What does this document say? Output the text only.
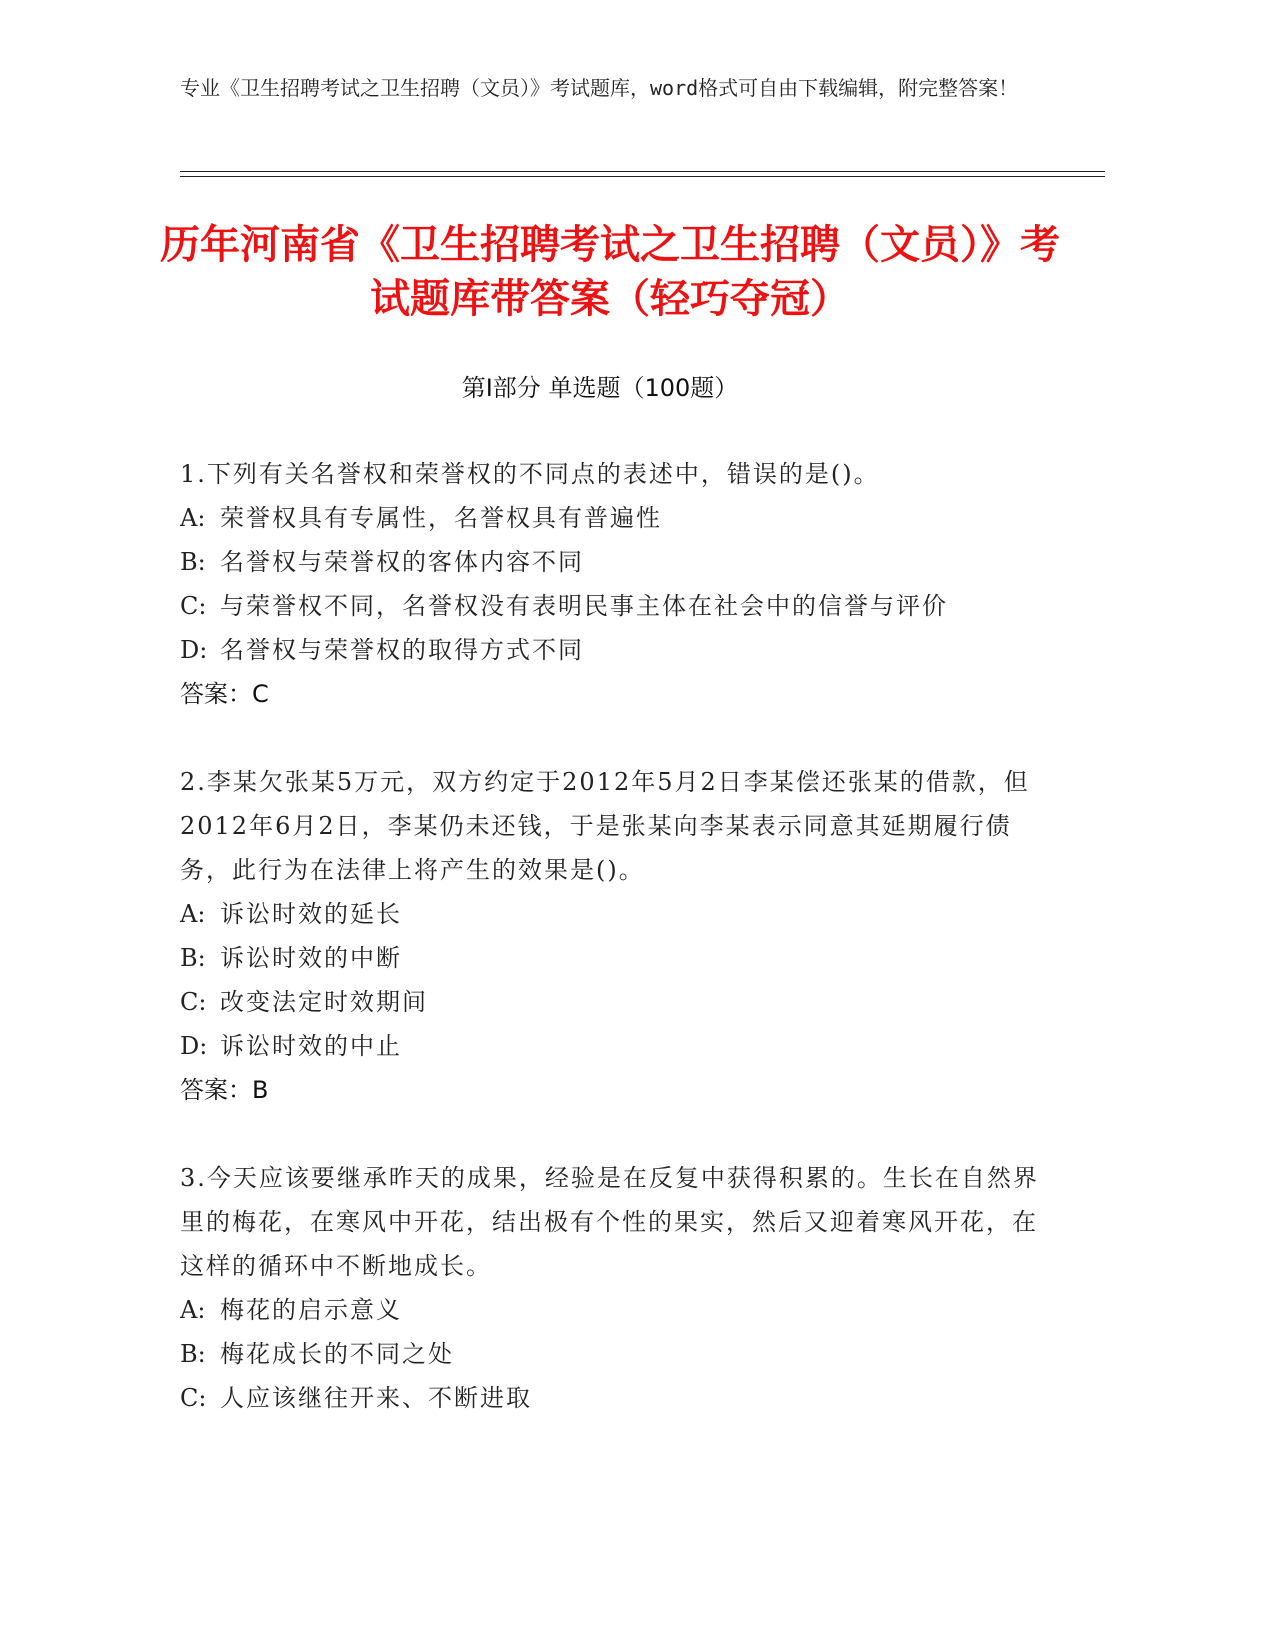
专业《卫生招聘考试之卫生招聘（文员）》考试题库，word格式可自由下载编辑，附完整答案！
历年河南省《卫生招聘考试之卫生招聘（文员）》考试题库带答案（轻巧夺冠）
第Ⅰ部分 单选题（100题）

1.下列有关名誉权和荣誉权的不同点的表述中，错误的是()。

A: 荣誉权具有专属性，名誉权具有普遍性

B: 名誉权与荣誉权的客体内容不同

C: 与荣誉权不同，名誉权没有表明民事主体在社会中的信誉与评价

D: 名誉权与荣誉权的取得方式不同

答案：C

2.李某欠张某5万元，双方约定于2012年5月2日李某偿还张某的借款，但2012年6月2日，李某仍未还钱，于是张某向李某表示同意其延期履行债务，此行为在法律上将产生的效果是()。

A: 诉讼时效的延长

B: 诉讼时效的中断

C: 改变法定时效期间

D: 诉讼时效的中止

答案：B

3.今天应该要继承昨天的成果，经验是在反复中获得积累的。生长在自然界里的梅花，在寒风中开花，结出极有个性的果实，然后又迎着寒风开花，在这样的循环中不断地成长。

A: 梅花的启示意义

B: 梅花成长的不同之处

C: 人应该继往开来、不断进取
